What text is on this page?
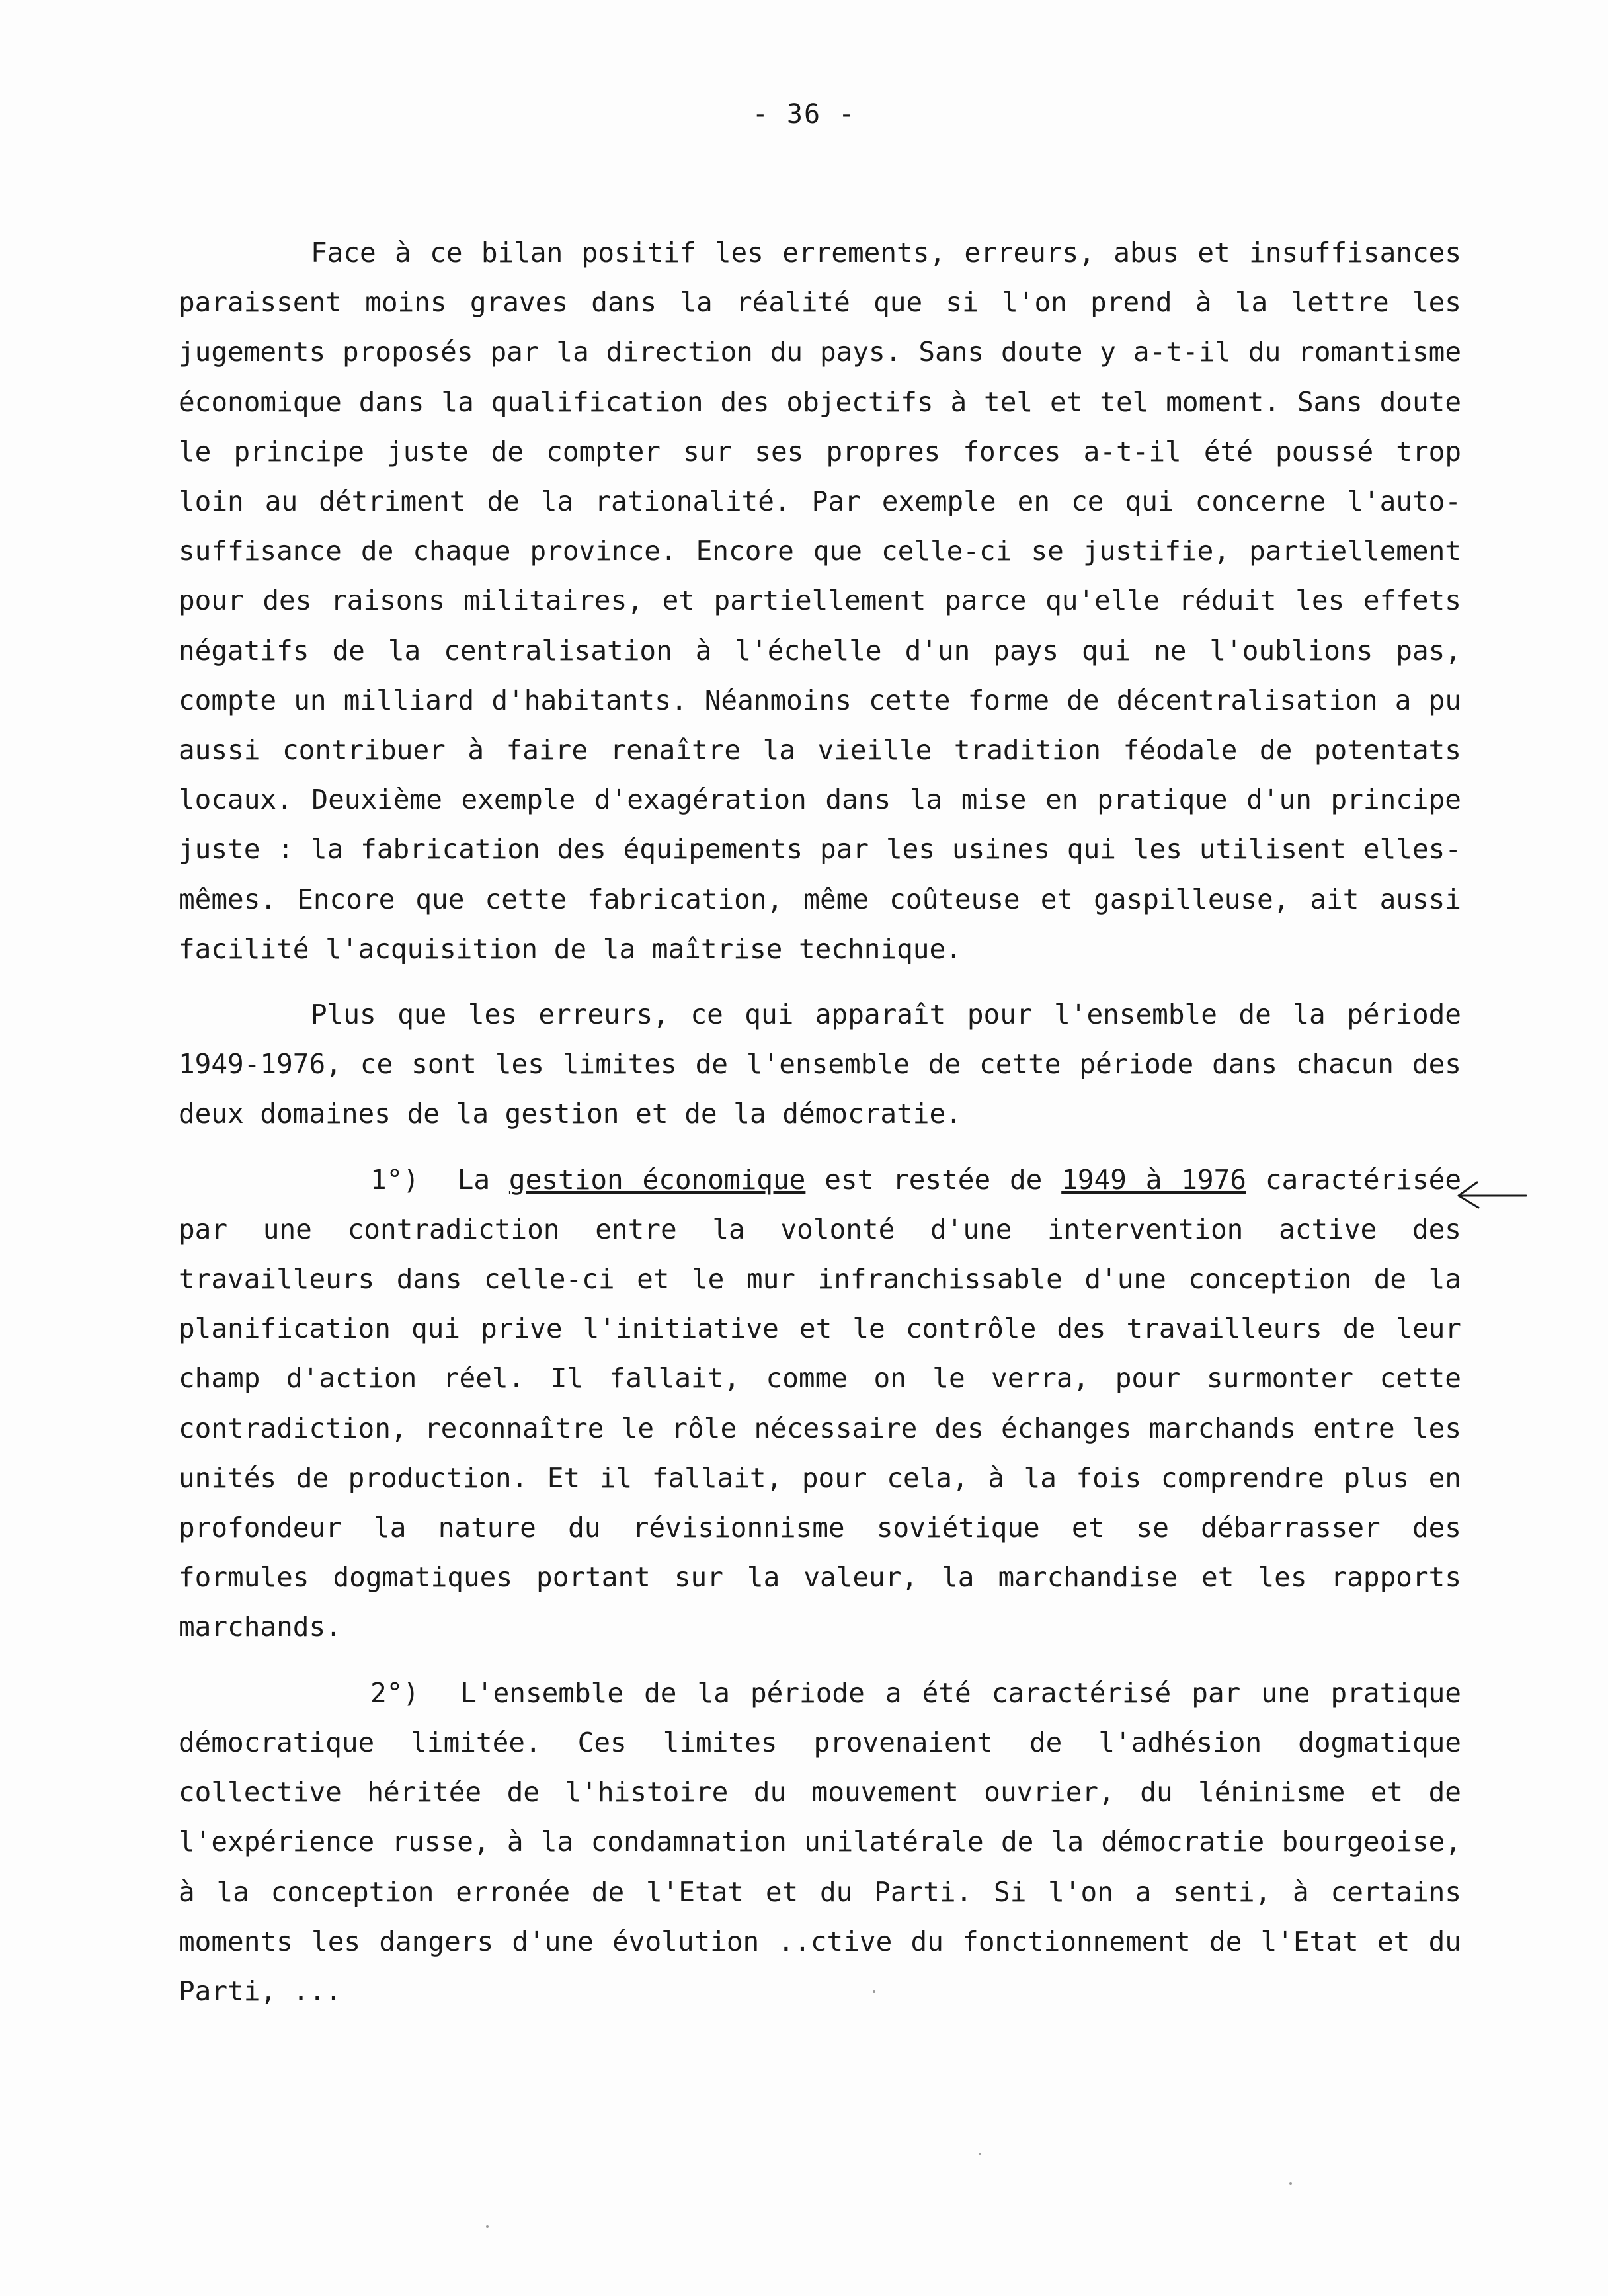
- 36 -

Face à ce bilan positif les errements, erreurs, abus et insuffisances paraissent moins graves dans la réalité que si l'on prend à la lettre les jugements proposés par la direction du pays. Sans doute y a-t-il du romantisme économique dans la qualification des objectifs à tel et tel moment. Sans doute le principe juste de compter sur ses propres forces a-t-il été poussé trop loin au détriment de la rationalité. Par exemple en ce qui concerne l'auto-suffisance de chaque province. Encore que celle-ci se justifie, partiellement pour des raisons militaires, et partiellement parce qu'elle réduit les effets négatifs de la centralisation à l'échelle d'un pays qui ne l'oublions pas, compte un milliard d'habitants. Néanmoins cette forme de décentralisation a pu aussi contribuer à faire renaître la vieille tradition féodale de potentats locaux. Deuxième exemple d'exagération dans la mise en pratique d'un principe juste : la fabrication des équipements par les usines qui les utilisent elles-mêmes. Encore que cette fabrication, même coûteuse et gaspilleuse, ait aussi facilité l'acquisition de la maîtrise technique.

Plus que les erreurs, ce qui apparaît pour l'ensemble de la période 1949-1976, ce sont les limites de l'ensemble de cette période dans chacun des deux domaines de la gestion et de la démocratie.

1°) La gestion économique est restée de 1949 à 1976 caractérisée par une contradiction entre la volonté d'une intervention active des travailleurs dans celle-ci et le mur infranchissable d'une conception de la planification qui prive l'initiative et le contrôle des travailleurs de leur champ d'action réel. Il fallait, comme on le verra, pour surmonter cette contradiction, reconnaître le rôle nécessaire des échanges marchands entre les unités de production. Et il fallait, pour cela, à la fois comprendre plus en profondeur la nature du révisionnisme soviétique et se débarrasser des formules dogmatiques portant sur la valeur, la marchandise et les rapports marchands.

2°) L'ensemble de la période a été caractérisé par une pratique démocratique limitée. Ces limites provenaient de l'adhésion dogmatique collective héritée de l'histoire du mouvement ouvrier, du léninisme et de l'expérience russe, à la condamnation unilatérale de la démocratie bourgeoise, à la conception erronée de l'Etat et du Parti. Si l'on a senti, à certains moments les dangers d'une évolution ..ctive du fonctionnement de l'Etat et du Parti, ...
